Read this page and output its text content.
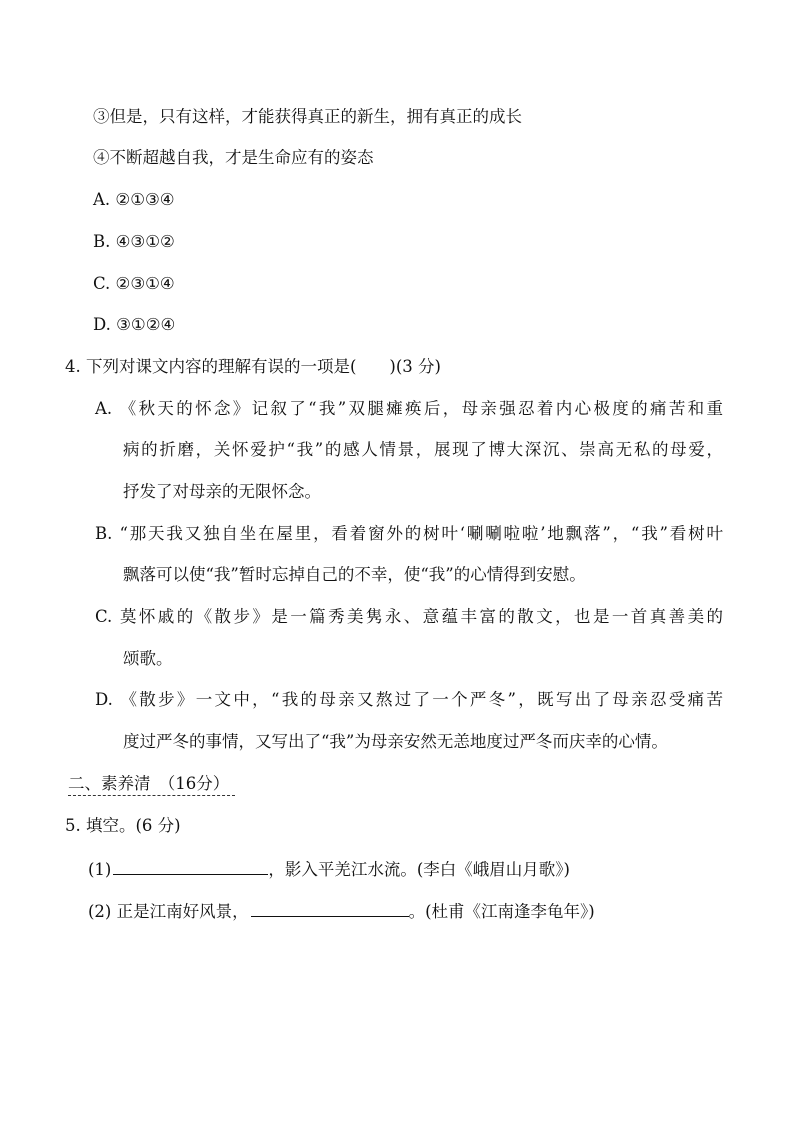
③但是，只有这样，才能获得真正的新生，拥有真正的成长
④不断超越自我，才是生命应有的姿态
A. ②①③④
B. ④③①②
C. ②③①④
D. ③①②④
4. 下列对课文内容的理解有误的一项是(　　)(3 分)
A. 《秋天的怀念》记叙了“我”双腿瘫痪后，母亲强忍着内心极度的痛苦和重
病的折磨，关怀爱护“我”的感人情景，展现了博大深沉、崇高无私的母爱，
抒发了对母亲的无限怀念。
B. “那天我又独自坐在屋里，看着窗外的树叶‘唰唰啦啦’地飘落”，“我”看树叶
飘落可以使“我”暂时忘掉自己的不幸，使“我”的心情得到安慰。
C. 莫怀戚的《散步》是一篇秀美隽永、意蕴丰富的散文，也是一首真善美的
颂歌。
D. 《散步》一文中，“我的母亲又熬过了一个严冬”，既写出了母亲忍受痛苦
度过严冬的事情，又写出了“我”为母亲安然无恙地度过严冬而庆幸的心情。
二、素养清　（16分）
5. 填空。(6 分)
(1)	，影入平羌江水流。(李白《峨眉山月歌》)
(2) 正是江南好风景，	。(杜甫《江南逢李龟年》)
